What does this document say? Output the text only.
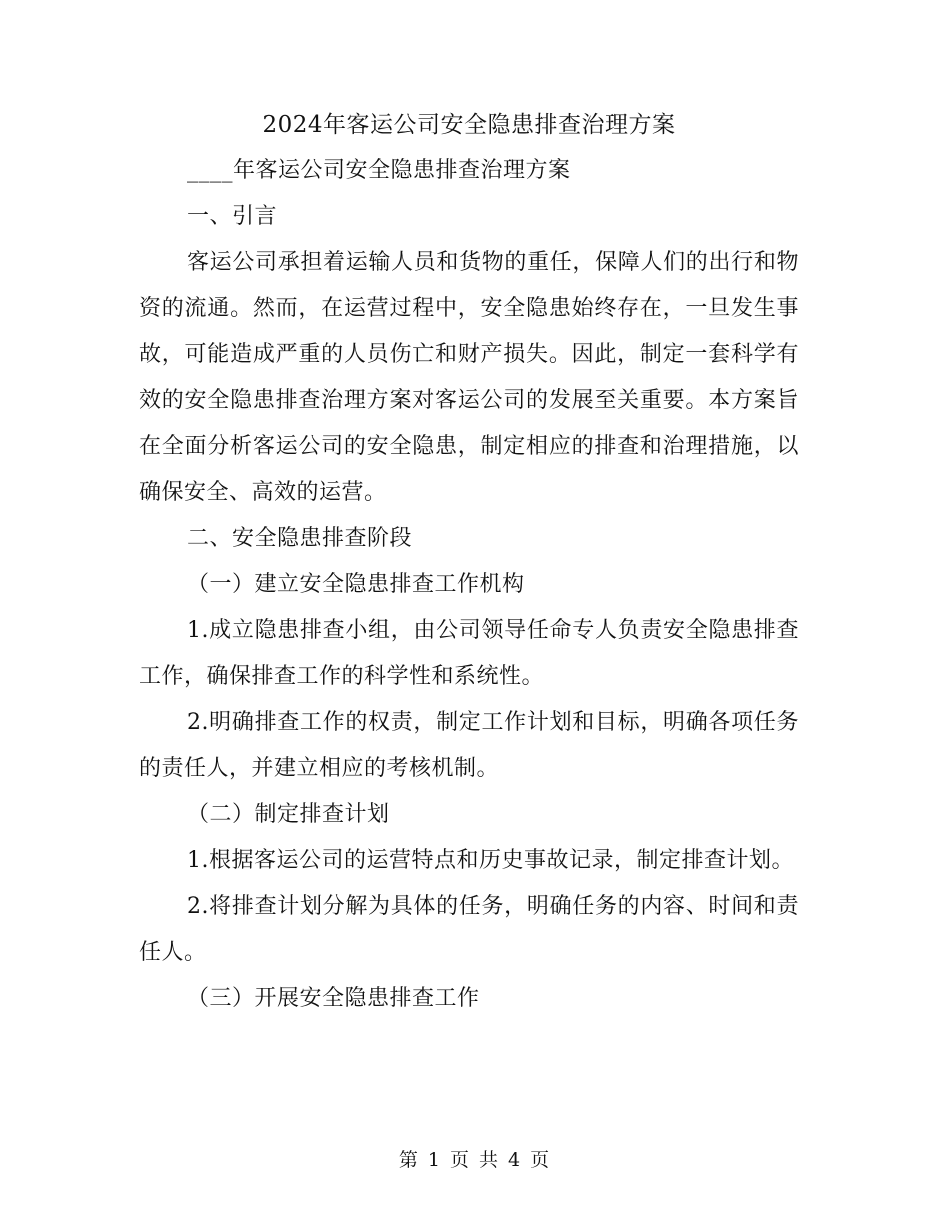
2024年客运公司安全隐患排查治理方案

____年客运公司安全隐患排查治理方案

一、引言

客运公司承担着运输人员和货物的重任，保障人们的出行和物资的流通。然而，在运营过程中，安全隐患始终存在，一旦发生事故，可能造成严重的人员伤亡和财产损失。因此，制定一套科学有效的安全隐患排查治理方案对客运公司的发展至关重要。本方案旨在全面分析客运公司的安全隐患，制定相应的排查和治理措施，以确保安全、高效的运营。

二、安全隐患排查阶段

（一）建立安全隐患排查工作机构

1.成立隐患排查小组，由公司领导任命专人负责安全隐患排查工作，确保排查工作的科学性和系统性。

2.明确排查工作的权责，制定工作计划和目标，明确各项任务的责任人，并建立相应的考核机制。

（二）制定排查计划

1.根据客运公司的运营特点和历史事故记录，制定排查计划。

2.将排查计划分解为具体的任务，明确任务的内容、时间和责任人。

（三）开展安全隐患排查工作

第 1 页 共 4 页
